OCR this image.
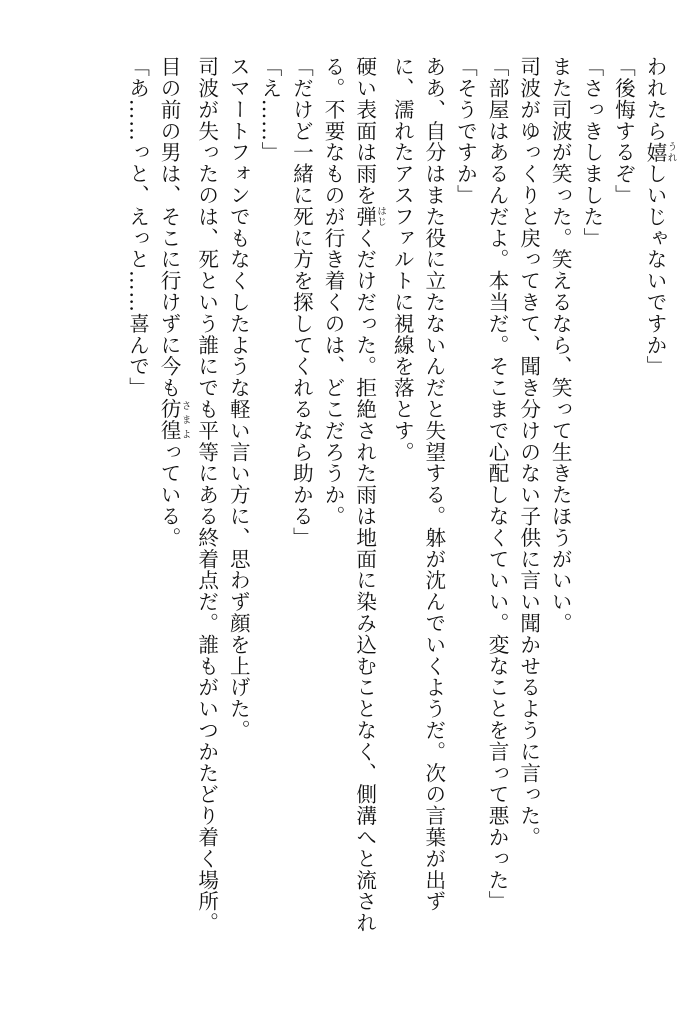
われたら嬉うれしいじゃないですか」
「後悔するぞ」
「さっきしました」
また司波が笑った。笑えるなら、笑って生きたほうがいい。
司波がゆっくりと戻ってきて、聞き分けのない子供に言い聞かせるように言った。
「部屋はあるんだよ。本当だ。そこまで心配しなくていい。変なことを言って悪かった」
「そうですか」
ああ、自分はまた役に立たないんだと失望する。躰が沈んでいくようだ。次の言葉が出ず
に、濡れたアスファルトに視線を落とす。
硬い表面は雨を弾はじくだけだった。拒絶された雨は地面に染み込むことなく、側溝へと流され
る。不要なものが行き着くのは、どこだろうか。
「だけど一緒に死に方を探してくれるなら助かる」
「え……」
スマートフォンでもなくしたような軽い言い方に、思わず顔を上げた。
司波が失ったのは、死という誰にでも平等にある終着点だ。誰もがいつかたどり着く場所。
目の前の男は、そこに行けずに今も彷徨さまよっている。
「あ……っと、えっと……喜んで」
